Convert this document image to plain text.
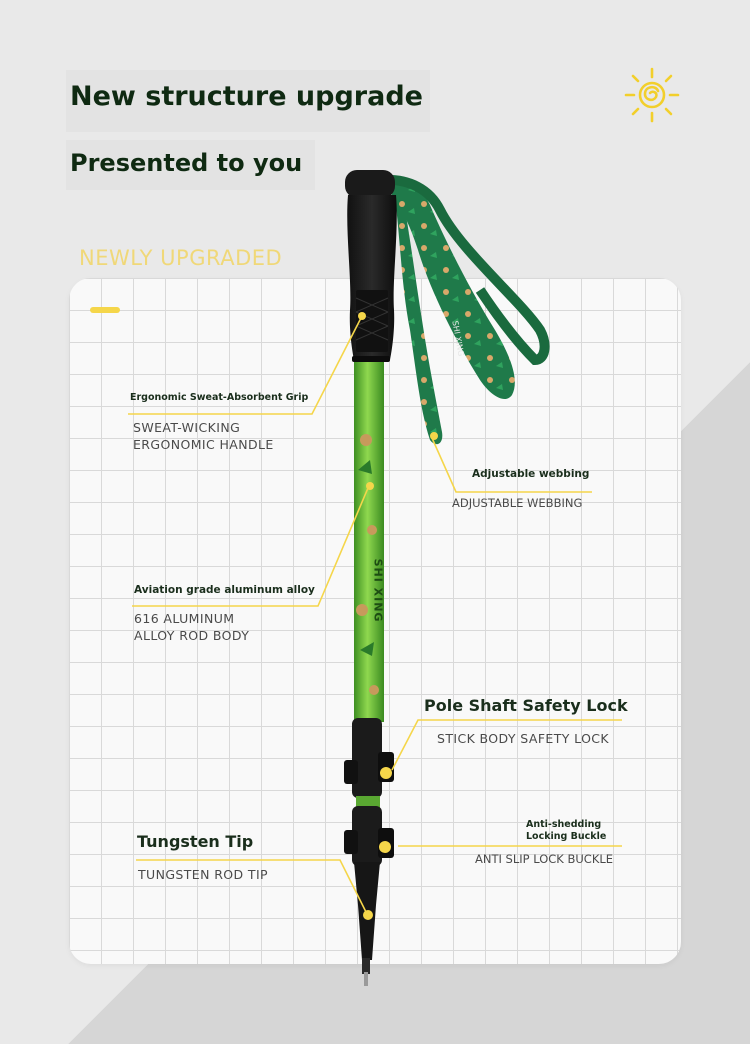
New structure upgrade
Presented to you
NEWLY UPGRADED
SHI XING
SHI XING
Ergonomic Sweat-Absorbent Grip
SWEAT-WICKING
ERGONOMIC HANDLE
Adjustable webbing
ADJUSTABLE WEBBING
Aviation grade aluminum alloy
616 ALUMINUM
ALLOY ROD BODY
Pole Shaft Safety Lock
STICK BODY SAFETY LOCK
Anti-shedding
Locking Buckle
ANTI SLIP LOCK BUCKLE
Tungsten Tip
TUNGSTEN ROD TIP
